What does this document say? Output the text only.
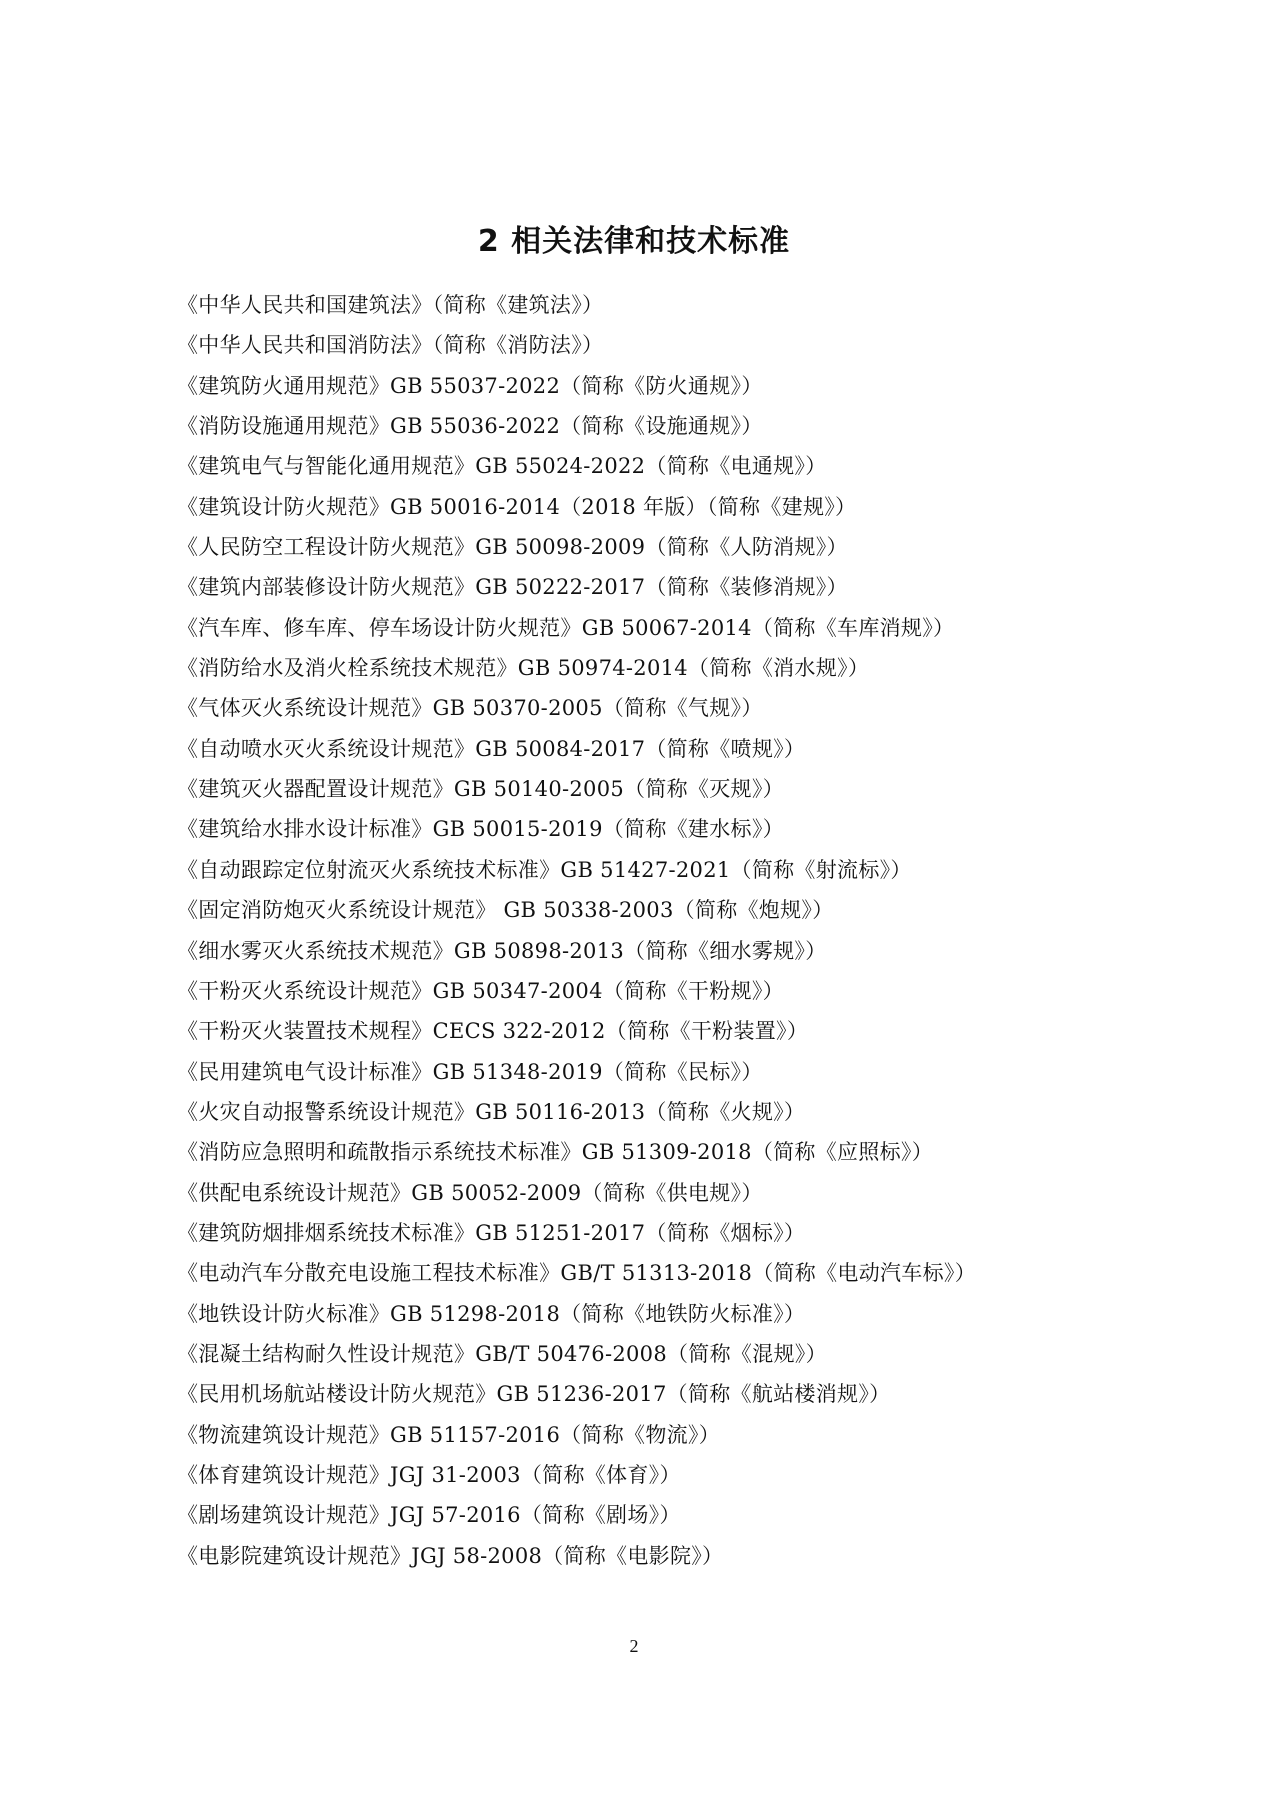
2 相关法律和技术标准
《中华人民共和国建筑法》（简称《建筑法》）
《中华人民共和国消防法》（简称《消防法》）
《建筑防火通用规范》GB 55037-2022（简称《防火通规》）
《消防设施通用规范》GB 55036-2022（简称《设施通规》）
《建筑电气与智能化通用规范》GB 55024-2022（简称《电通规》）
《建筑设计防火规范》GB 50016-2014（2018 年版）（简称《建规》）
《人民防空工程设计防火规范》GB 50098-2009（简称《人防消规》）
《建筑内部装修设计防火规范》GB 50222-2017（简称《装修消规》）
《汽车库、修车库、停车场设计防火规范》GB 50067-2014（简称《车库消规》）
《消防给水及消火栓系统技术规范》GB 50974-2014（简称《消水规》）
《气体灭火系统设计规范》GB 50370-2005（简称《气规》）
《自动喷水灭火系统设计规范》GB 50084-2017（简称《喷规》）
《建筑灭火器配置设计规范》GB 50140-2005（简称《灭规》）
《建筑给水排水设计标准》GB 50015-2019（简称《建水标》）
《自动跟踪定位射流灭火系统技术标准》GB 51427-2021（简称《射流标》）
《固定消防炮灭火系统设计规范》 GB 50338-2003（简称《炮规》）
《细水雾灭火系统技术规范》GB 50898-2013（简称《细水雾规》）
《干粉灭火系统设计规范》GB 50347-2004（简称《干粉规》）
《干粉灭火装置技术规程》CECS 322-2012（简称《干粉装置》）
《民用建筑电气设计标准》GB 51348-2019（简称《民标》）
《火灾自动报警系统设计规范》GB 50116-2013（简称《火规》）
《消防应急照明和疏散指示系统技术标准》GB 51309-2018（简称《应照标》）
《供配电系统设计规范》GB 50052-2009（简称《供电规》）
《建筑防烟排烟系统技术标准》GB 51251-2017（简称《烟标》）
《电动汽车分散充电设施工程技术标准》GB/T 51313-2018（简称《电动汽车标》）
《地铁设计防火标准》GB 51298-2018（简称《地铁防火标准》）
《混凝土结构耐久性设计规范》GB/T 50476-2008（简称《混规》）
《民用机场航站楼设计防火规范》GB 51236-2017（简称《航站楼消规》）
《物流建筑设计规范》GB 51157-2016（简称《物流》）
《体育建筑设计规范》JGJ 31-2003（简称《体育》）
《剧场建筑设计规范》JGJ 57-2016（简称《剧场》）
《电影院建筑设计规范》JGJ 58-2008（简称《电影院》）
2
